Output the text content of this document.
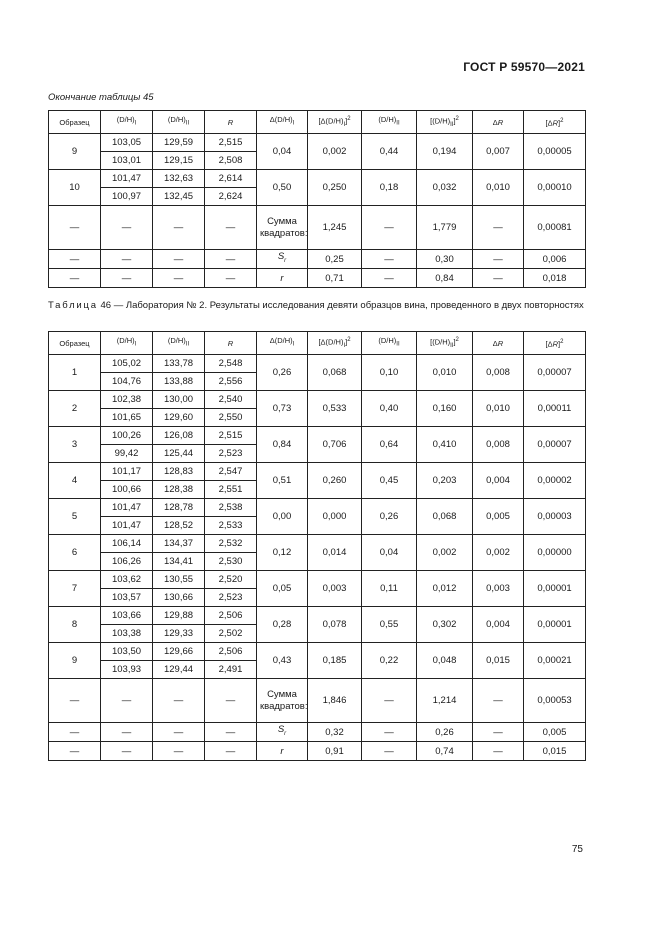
ГОСТ Р 59570—2021
Окончание таблицы 45
Образец	$(D/H)_I$	$(D/H)_{II}$	R	$\Delta(D/H)_I$	$[\Delta(D/H)_I]^2$	$(D/H)_{II}$	$[(D/H)_{II}]^2$	ΔR	$[\Delta R]^2$
9	103,05	129,59	2,515	0,04	0,002	0,44	0,194	0,007	0,00005
	103,01	129,15	2,508						
10	101,47	132,63	2,614	0,50	0,250	0,18	0,032	0,010	0,00010
	100,97	132,45	2,624						
—	—	—	—	Сумма квадратов:	1,245	—	1,779	—	0,00081
—	—	—	—	$S_r$	0,25	—	0,30	—	0,006
—	—	—	—	r	0,71	—	0,84	—	0,018
Таблица 46 — Лаборатория № 2. Результаты исследования девяти образцов вина, проведенного в двух повторностях
Образец	$(D/H)_I$	$(D/H)_{II}$	R	$\Delta(D/H)_I$	$[\Delta(D/H)_I]^2$	$(D/H)_{II}$	$[(D/H)_{II}]^2$	ΔR	$[\Delta R]^2$
1	105,02	133,78	2,548	0,26	0,068	0,10	0,010	0,008	0,00007
	104,76	133,88	2,556						
2	102,38	130,00	2,540	0,73	0,533	0,40	0,160	0,010	0,00011
	101,65	129,60	2,550						
3	100,26	126,08	2,515	0,84	0,706	0,64	0,410	0,008	0,00007
	99,42	125,44	2,523						
4	101,17	128,83	2,547	0,51	0,260	0,45	0,203	0,004	0,00002
	100,66	128,38	2,551						
5	101,47	128,78	2,538	0,00	0,000	0,26	0,068	0,005	0,00003
	101,47	128,52	2,533						
6	106,14	134,37	2,532	0,12	0,014	0,04	0,002	0,002	0,00000
	106,26	134,41	2,530						
7	103,62	130,55	2,520	0,05	0,003	0,11	0,012	0,003	0,00001
	103,57	130,66	2,523						
8	103,66	129,88	2,506	0,28	0,078	0,55	0,302	0,004	0,00001
	103,38	129,33	2,502						
9	103,50	129,66	2,506	0,43	0,185	0,22	0,048	0,015	0,00021
	103,93	129,44	2,491						
—	—	—	—	Сумма квадратов:	1,846	—	1,214	—	0,00053
—	—	—	—	$S_r$	0,32	—	0,26	—	0,005
—	—	—	—	r	0,91	—	0,74	—	0,015
75
